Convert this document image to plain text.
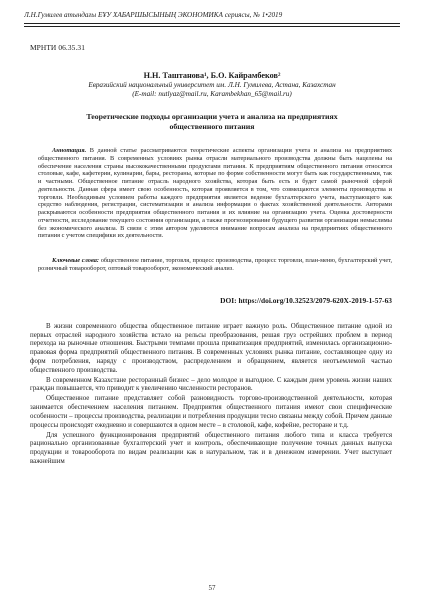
Л.Н.Гумилев атындағы ЕҰУ ХАБАРШЫСЫНЫҢ ЭКОНОМИКА сериясы, № 1•2019
МРНТИ 06.35.31
Н.Н. Таштанова¹, Б.О. Кайрамбеков²
Евразийский национальный университет им. Л.Н. Гумилева, Астана, Казахстан
(E-mail: nutlyaz@mail.ru, Karambekhan_65@mail.ru)
Теоретические подходы организации учета и анализа на предприятиях общественного питания
Аннотация. В данной статье рассматриваются теоретические аспекты организации учета и анализа на предприятиях общественного питания. В современных условиях рынка отрасли материального производства должны быть нацелены на обеспечение населения страны высококачественными продуктами питания. К предприятиям общественного питания относятся столовые, кафе, кафетерии, кулинарии, бары, рестораны, которые по форме собственности могут быть как государственными, так и частными. Общественное питание отрасль народного хозяйства, которая быть есть и будет самой рыночной сферой деятельности. Данная сфера имеет свою особенность, которая проявляется в том, что совмещаются элементы производства и торговли. Необходимым условием работы каждого предприятия является ведение бухгалтерского учета, выступающего как средство наблюдения, регистрации, систематизации и анализа информации о фактах хозяйственной деятельности. Авторами раскрываются особенности предприятия общественного питания и их влияние на организацию учета. Оценка достоверности отчетности, исследование текущего состояния организации, а также прогнозирование будущего развития организации немыслимы без экономического анализа. В связи с этим автором уделяются внимание вопросам анализа на предприятиях общественного питания с учетом специфики их деятельности.
Ключевые слова: общественное питание, торговля, процесс производства, процесс торговли, план-меню, бухгалтерский учет, розничный товарооборот, оптовый товарооборот, экономический анализ.
DOI: https://doi.org/10.32523/2079-620X-2019-1-57-63

В жизни современного общества общественное питание играет важную роль. Общественное питание одной из первых отраслей народного хозяйства встало на рельсы преобразования, решая груз острейших проблем в период перехода на рыночные отношения. Быстрыми темпами прошла приватизация предприятий, изменилась организационно-правовая форма предприятий общественного питания. В современных условиях рынка питание, составляющее одну из форм потребления, наряду с производством, распределением и обращением, является неотъемлемой частью общественного производства.

В современном Казахстане ресторанный бизнес – дело молодое и выгодное. С каждым днем уровень жизни наших граждан повышается, что приводит к увеличению численности ресторанов.

Общественное питание представляет собой разновидность торгово-производственной деятельности, которая занимается обеспечением населения питанием. Предприятия общественного питания имеют свои специфические особенности – процессы производства, реализации и потребления продукции тесно связаны между собой. Причем данные процессы происходят ежедневно и совершаются в одном месте – в столовой, кафе, кофейне, ресторане и т.д.

Для успешного функционирования предприятий общественного питания любого типа и класса требуется рационально организованные бухгалтерский учет и контроль, обеспечивающие получение точных данных выпуска продукции и товарооборота по видам реализации как в натуральном, так и в денежном измерении. Учет выступает важнейшим

57
